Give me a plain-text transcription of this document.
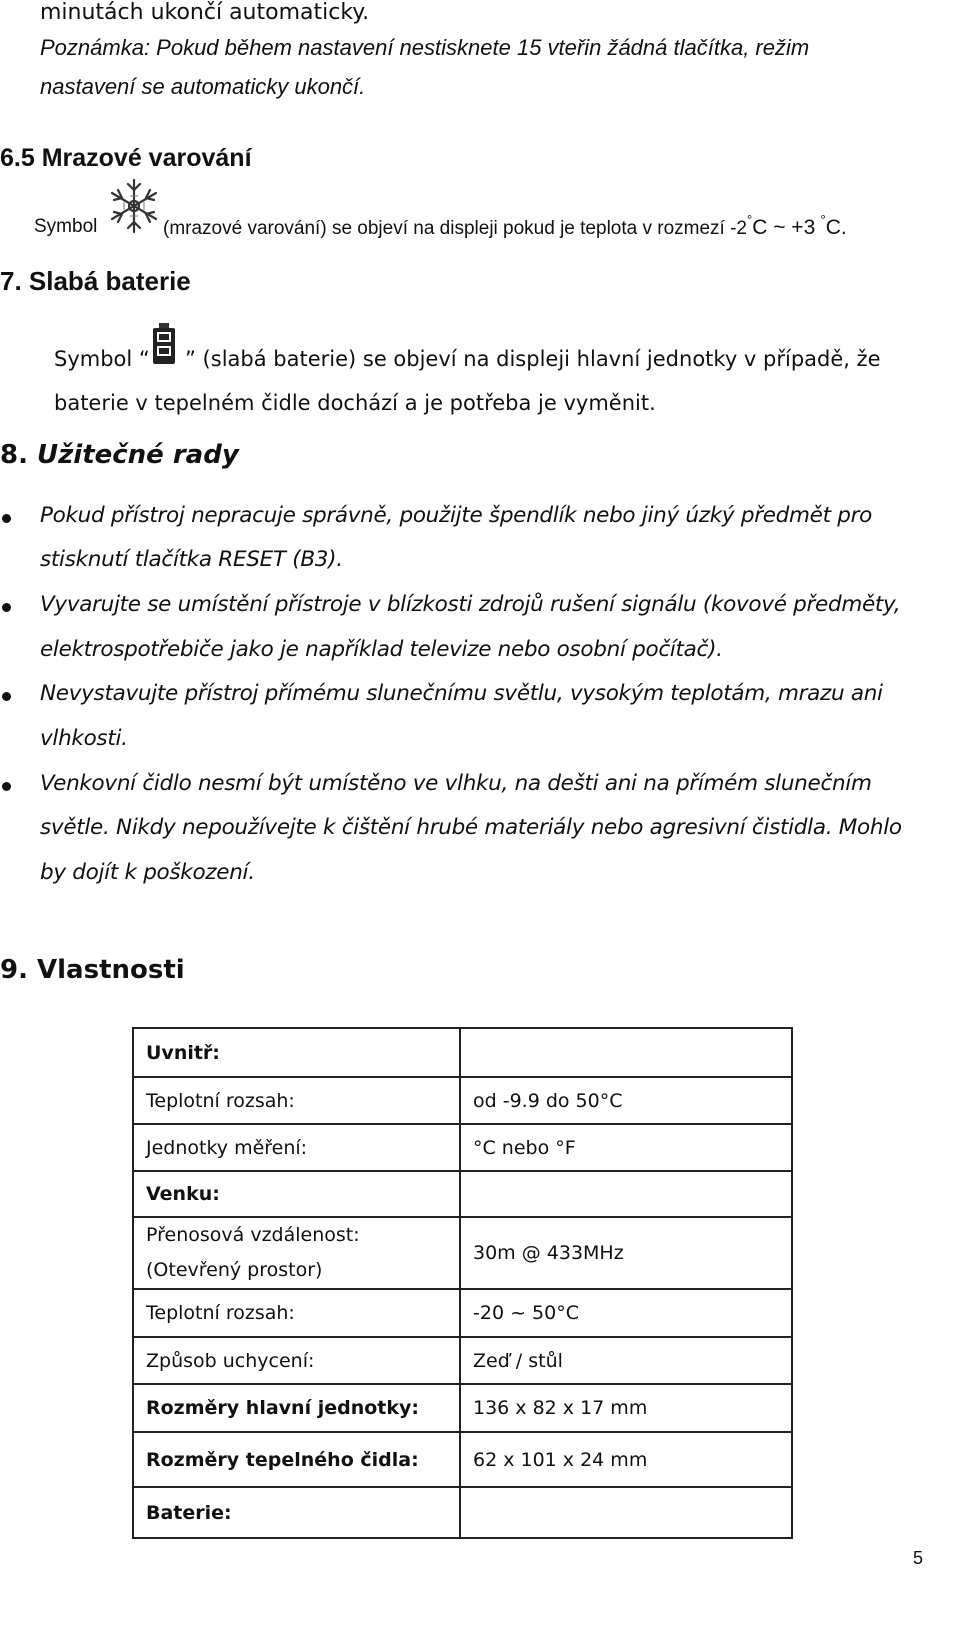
minutách ukončí automaticky.
Poznámka: Pokud během nastavení nestisknete 15 vteřin žádná tlačítka, režim
nastavení se automaticky ukončí.
6.5 Mrazové varování
Symbol	(mrazové varování) se objeví na displeji pokud je teplota v rozmezí -2°C ~ +3 °C.
7. Slabá baterie
Symbol “ ” (slabá baterie) se objeví na displeji hlavní jednotky v případě, že
baterie v tepelném čidle dochází a je potřeba je vyměnit.
8. Užitečné rady
Pokud přístroj nepracuje správně, použijte špendlík nebo jiný úzký předmět pro
stisknutí tlačítka RESET (B3).
Vyvarujte se umístění přístroje v blízkosti zdrojů rušení signálu (kovové předměty,
elektrospotřebiče jako je například televize nebo osobní počítač).
Nevystavujte přístroj přímému slunečnímu světlu, vysokým teplotám, mrazu ani
vlhkosti.
Venkovní čidlo nesmí být umístěno ve vlhku, na dešti ani na přímém slunečním
světle. Nikdy nepoužívejte k čištění hrubé materiály nebo agresivní čistidla. Mohlo
by dojít k poškození.
9. Vlastnosti
Uvnitř:	
Teplotní rozsah:	od -9.9 do 50°C
Jednotky měření:	°C nebo °F
Venku:	

Přenosová vzdálenost:
(Otevřený prostor)	30m @ 433MHz
Teplotní rozsah:	-20 ~ 50°C
Způsob uchycení:	Zeď / stůl
Rozměry hlavní jednotky:	136 x 82 x 17 mm
Rozměry tepelného čidla:	62 x 101 x 24 mm
Baterie:	
5
